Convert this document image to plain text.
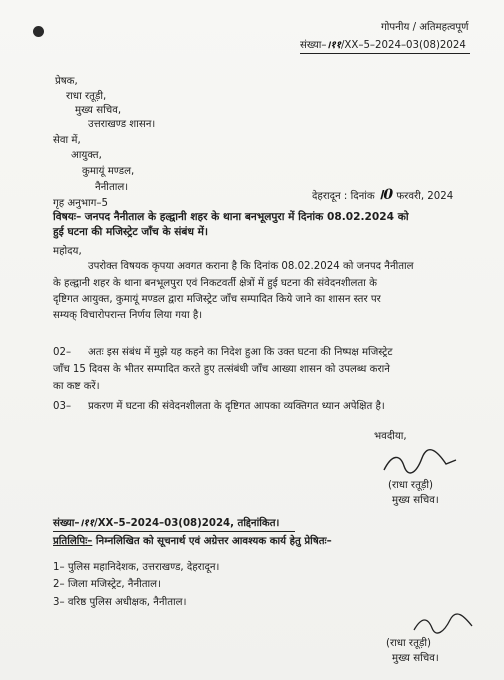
गोपनीय / अतिमहत्वपूर्ण
संख्या–।११/XX–5–2024–03(08)2024
प्रेषक,
राधा रतूड़ी,
मुख्य सचिव,
उत्तराखण्ड शासन।
सेवा में,
आयुक्त,
कुमायूं मण्डल,
नैनीताल।
गृह अनुभाग–5
देहरादून : दिनांक ।0 फरवरी, 2024
विषयः– जनपद नैनीताल के हल्द्वानी शहर के थाना बनभूलपुरा में दिनांक 08.02.2024 को
हुई घटना की मजिस्ट्रेट जाँच के संबंध में।
महोदय,
उपरोक्त विषयक कृपया अवगत कराना है कि दिनांक 08.02.2024 को जनपद नैनीताल
के हल्द्वानी शहर के थाना बनभूलपुरा एवं निकटवर्ती क्षेत्रों में हुई घटना की संवेदनशीलता के
दृष्टिगत आयुक्त, कुमायूं मण्डल द्वारा मजिस्ट्रेट जाँच सम्पादित किये जाने का शासन स्तर पर
सम्यक् विचारोपरान्त निर्णय लिया गया है।
02– अतः इस संबंध में मुझे यह कहने का निदेश हुआ कि उक्त घटना की निष्पक्ष मजिस्ट्रेट
जाँच 15 दिवस के भीतर सम्पादित करते हुए तत्संबंधी जाँच आख्या शासन को उपलब्ध कराने
का कष्ट करें।
03– प्रकरण में घटना की संवेदनशीलता के दृष्टिगत आपका व्यक्तिगत ध्यान अपेक्षित है।
भवदीया,
(राधा रतूड़ी)
मुख्य सचिव।
संख्या–।११/XX–5–2024–03(08)2024, तद्दिनांकित।
प्रतिलिपिः– निम्नलिखित को सूचनार्थ एवं अग्रेत्तर आवश्यक कार्य हेतु प्रेषितः–
1– पुलिस महानिदेशक, उत्तराखण्ड, देहरादून।
2– जिला मजिस्ट्रेट, नैनीताल।
3– वरिष्ठ पुलिस अधीक्षक, नैनीताल।
(राधा रतूड़ी)
मुख्य सचिव।
